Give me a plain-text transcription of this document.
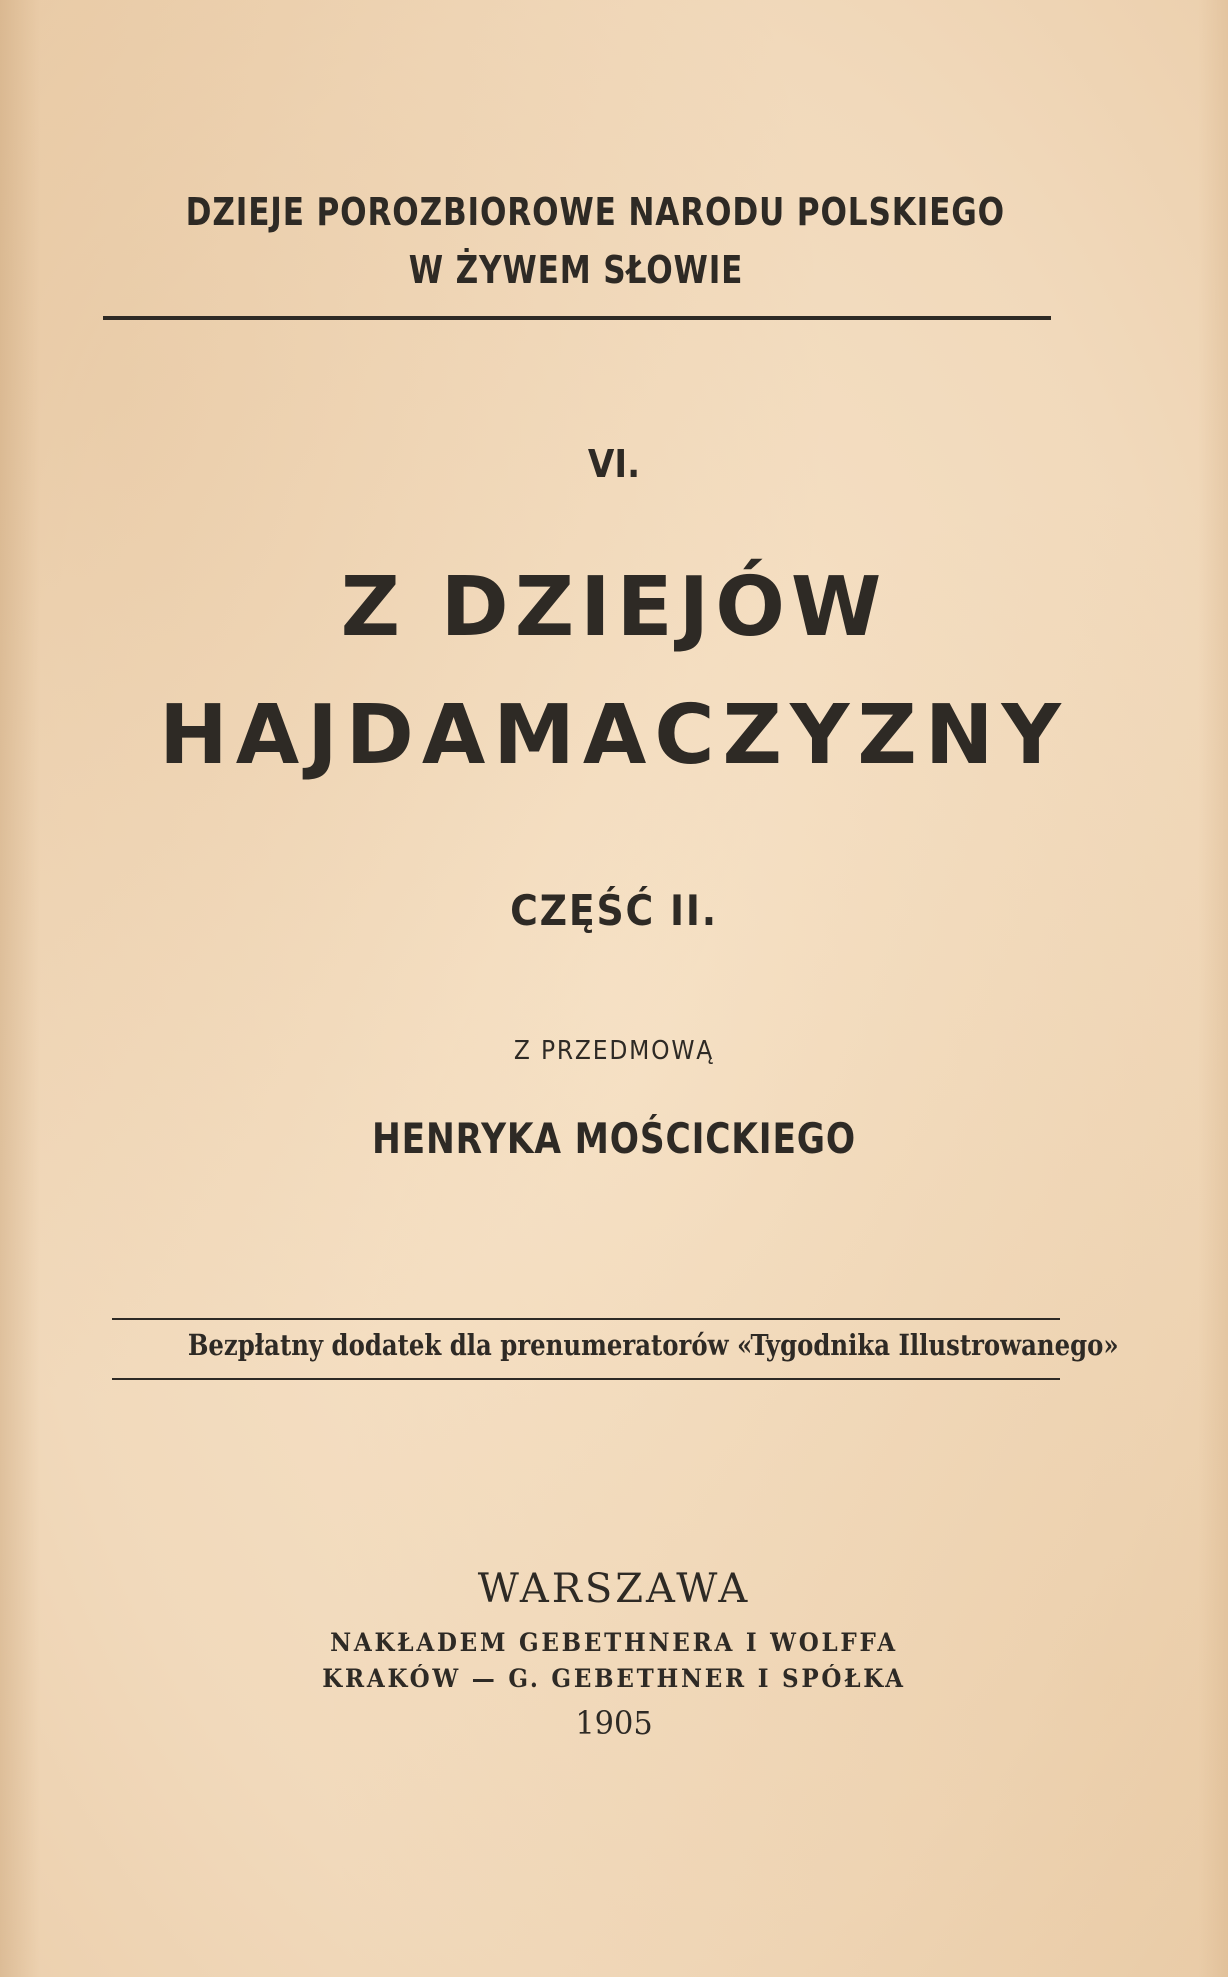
DZIEJE POROZBIOROWE NARODU POLSKIEGO
W ŻYWEM SŁOWIE
VI.
Z DZIEJÓW
HAJDAMACZYZNY
CZĘŚĆ II.
Z PRZEDMOWĄ
HENRYKA MOŚCICKIEGO
Bezpłatny dodatek dla prenumeratorów «Tygodnika Illustrowanego»
WARSZAWA
NAKŁADEM GEBETHNERA I WOLFFA
KRAKÓW — G. GEBETHNER I SPÓŁKA
1905
